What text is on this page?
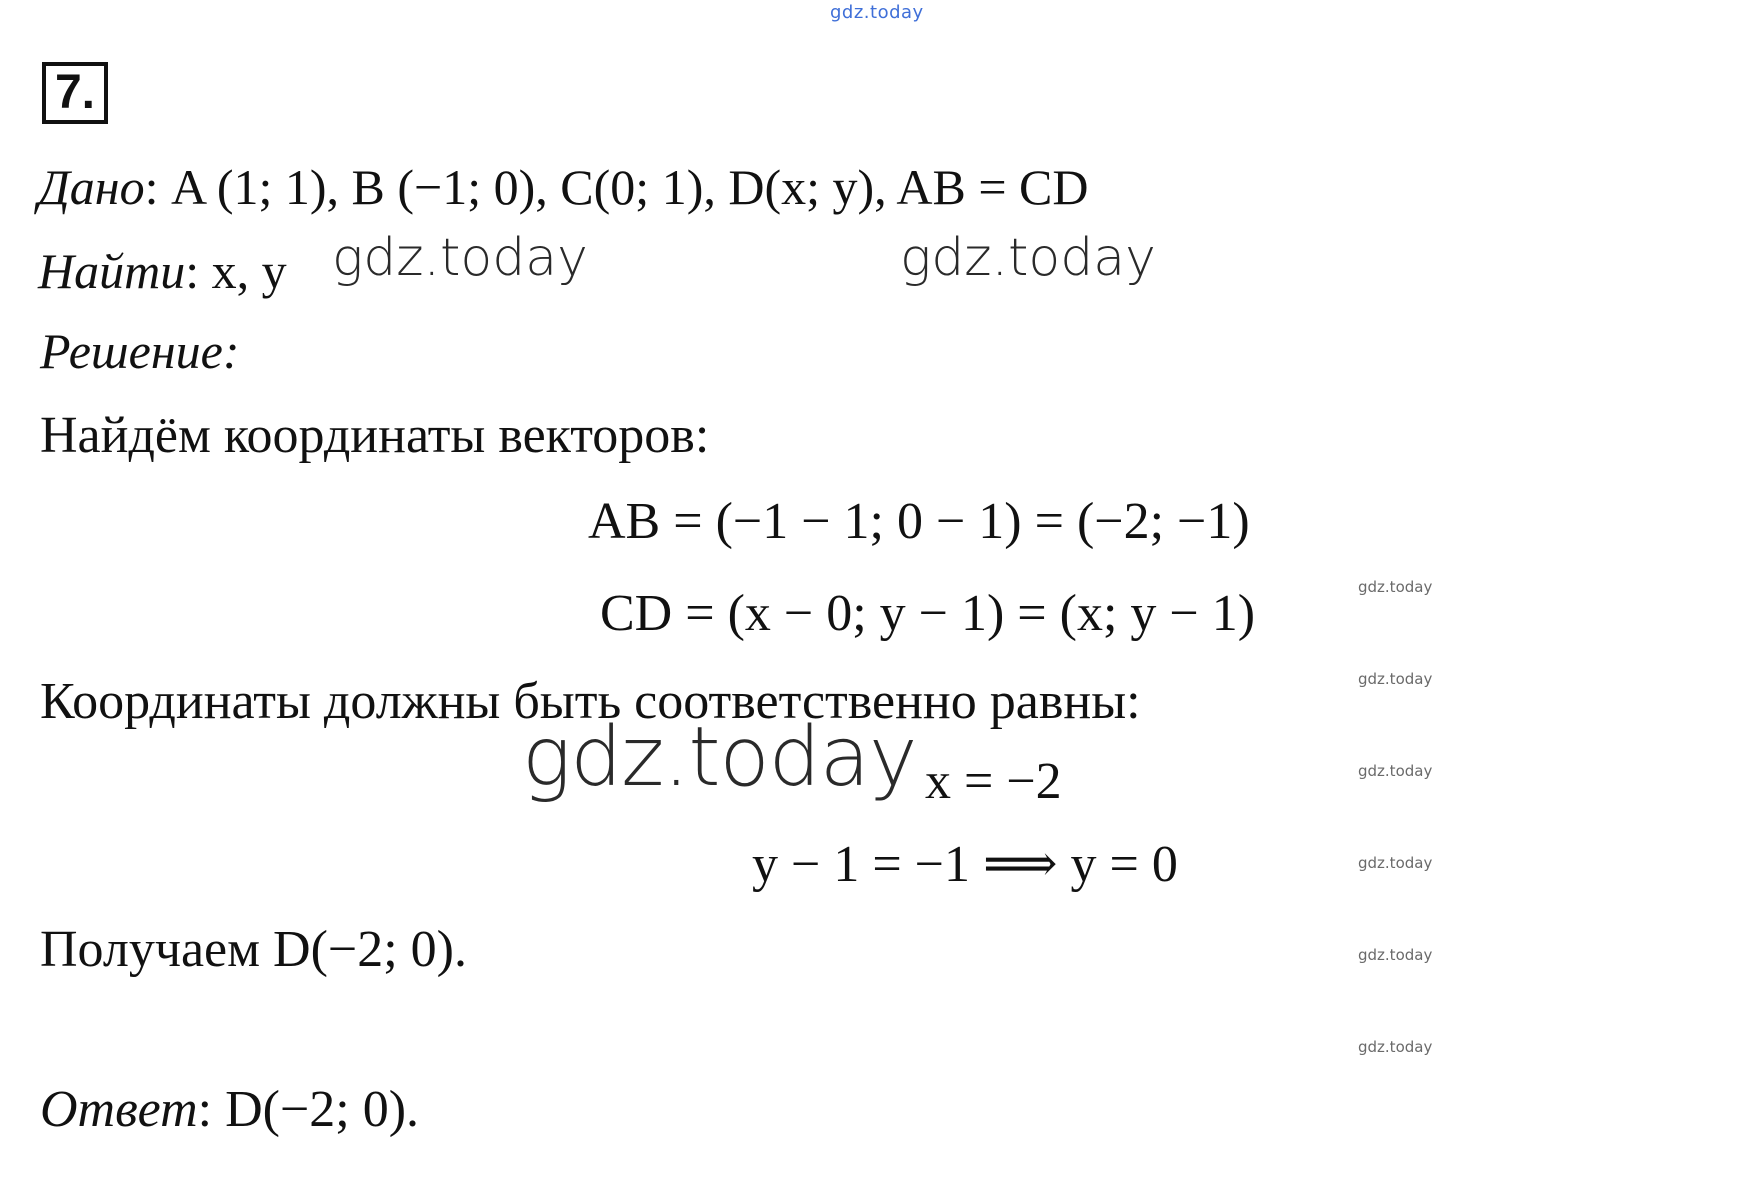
gdz.today
7.
Дано: A (1; 1), B (−1; 0), C(0; 1), D(x; y), AB = CD
Найти: x, y
Решение:
Найдём координаты векторов:
AB = (−1 − 1; 0 − 1) = (−2; −1)
CD = (x − 0; y − 1) = (x; y − 1)
Координаты должны быть соответственно равны:
x = −2
y − 1 = −1 ⟹ y = 0
Получаем D(−2; 0).
Ответ: D(−2; 0).
gdz.today	gdz.today
gdz.today
gdz.today
gdz.today
gdz.today
gdz.today
gdz.today
gdz.today
